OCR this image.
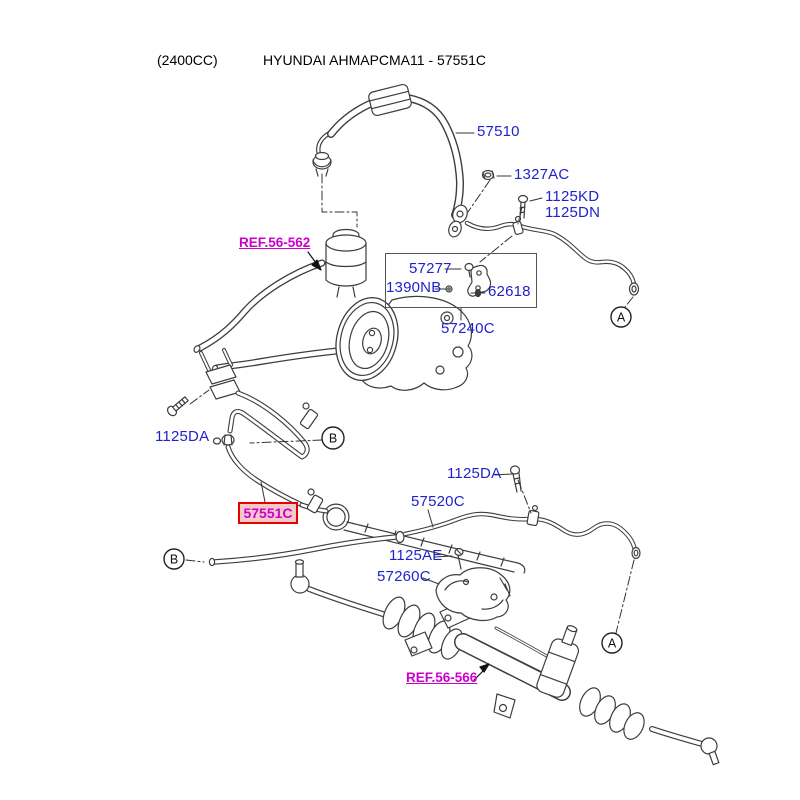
A
B
B
A
(2400CC)	HYUNDAI AHMAPCMA11 - 57551C
57510
1327AC
1125KD
1125DN
57277
1390NB	62618
57240C
1125DA
1125DA
57520C
1125AE
57260C
57551C
REF.56-562
REF.56-566
